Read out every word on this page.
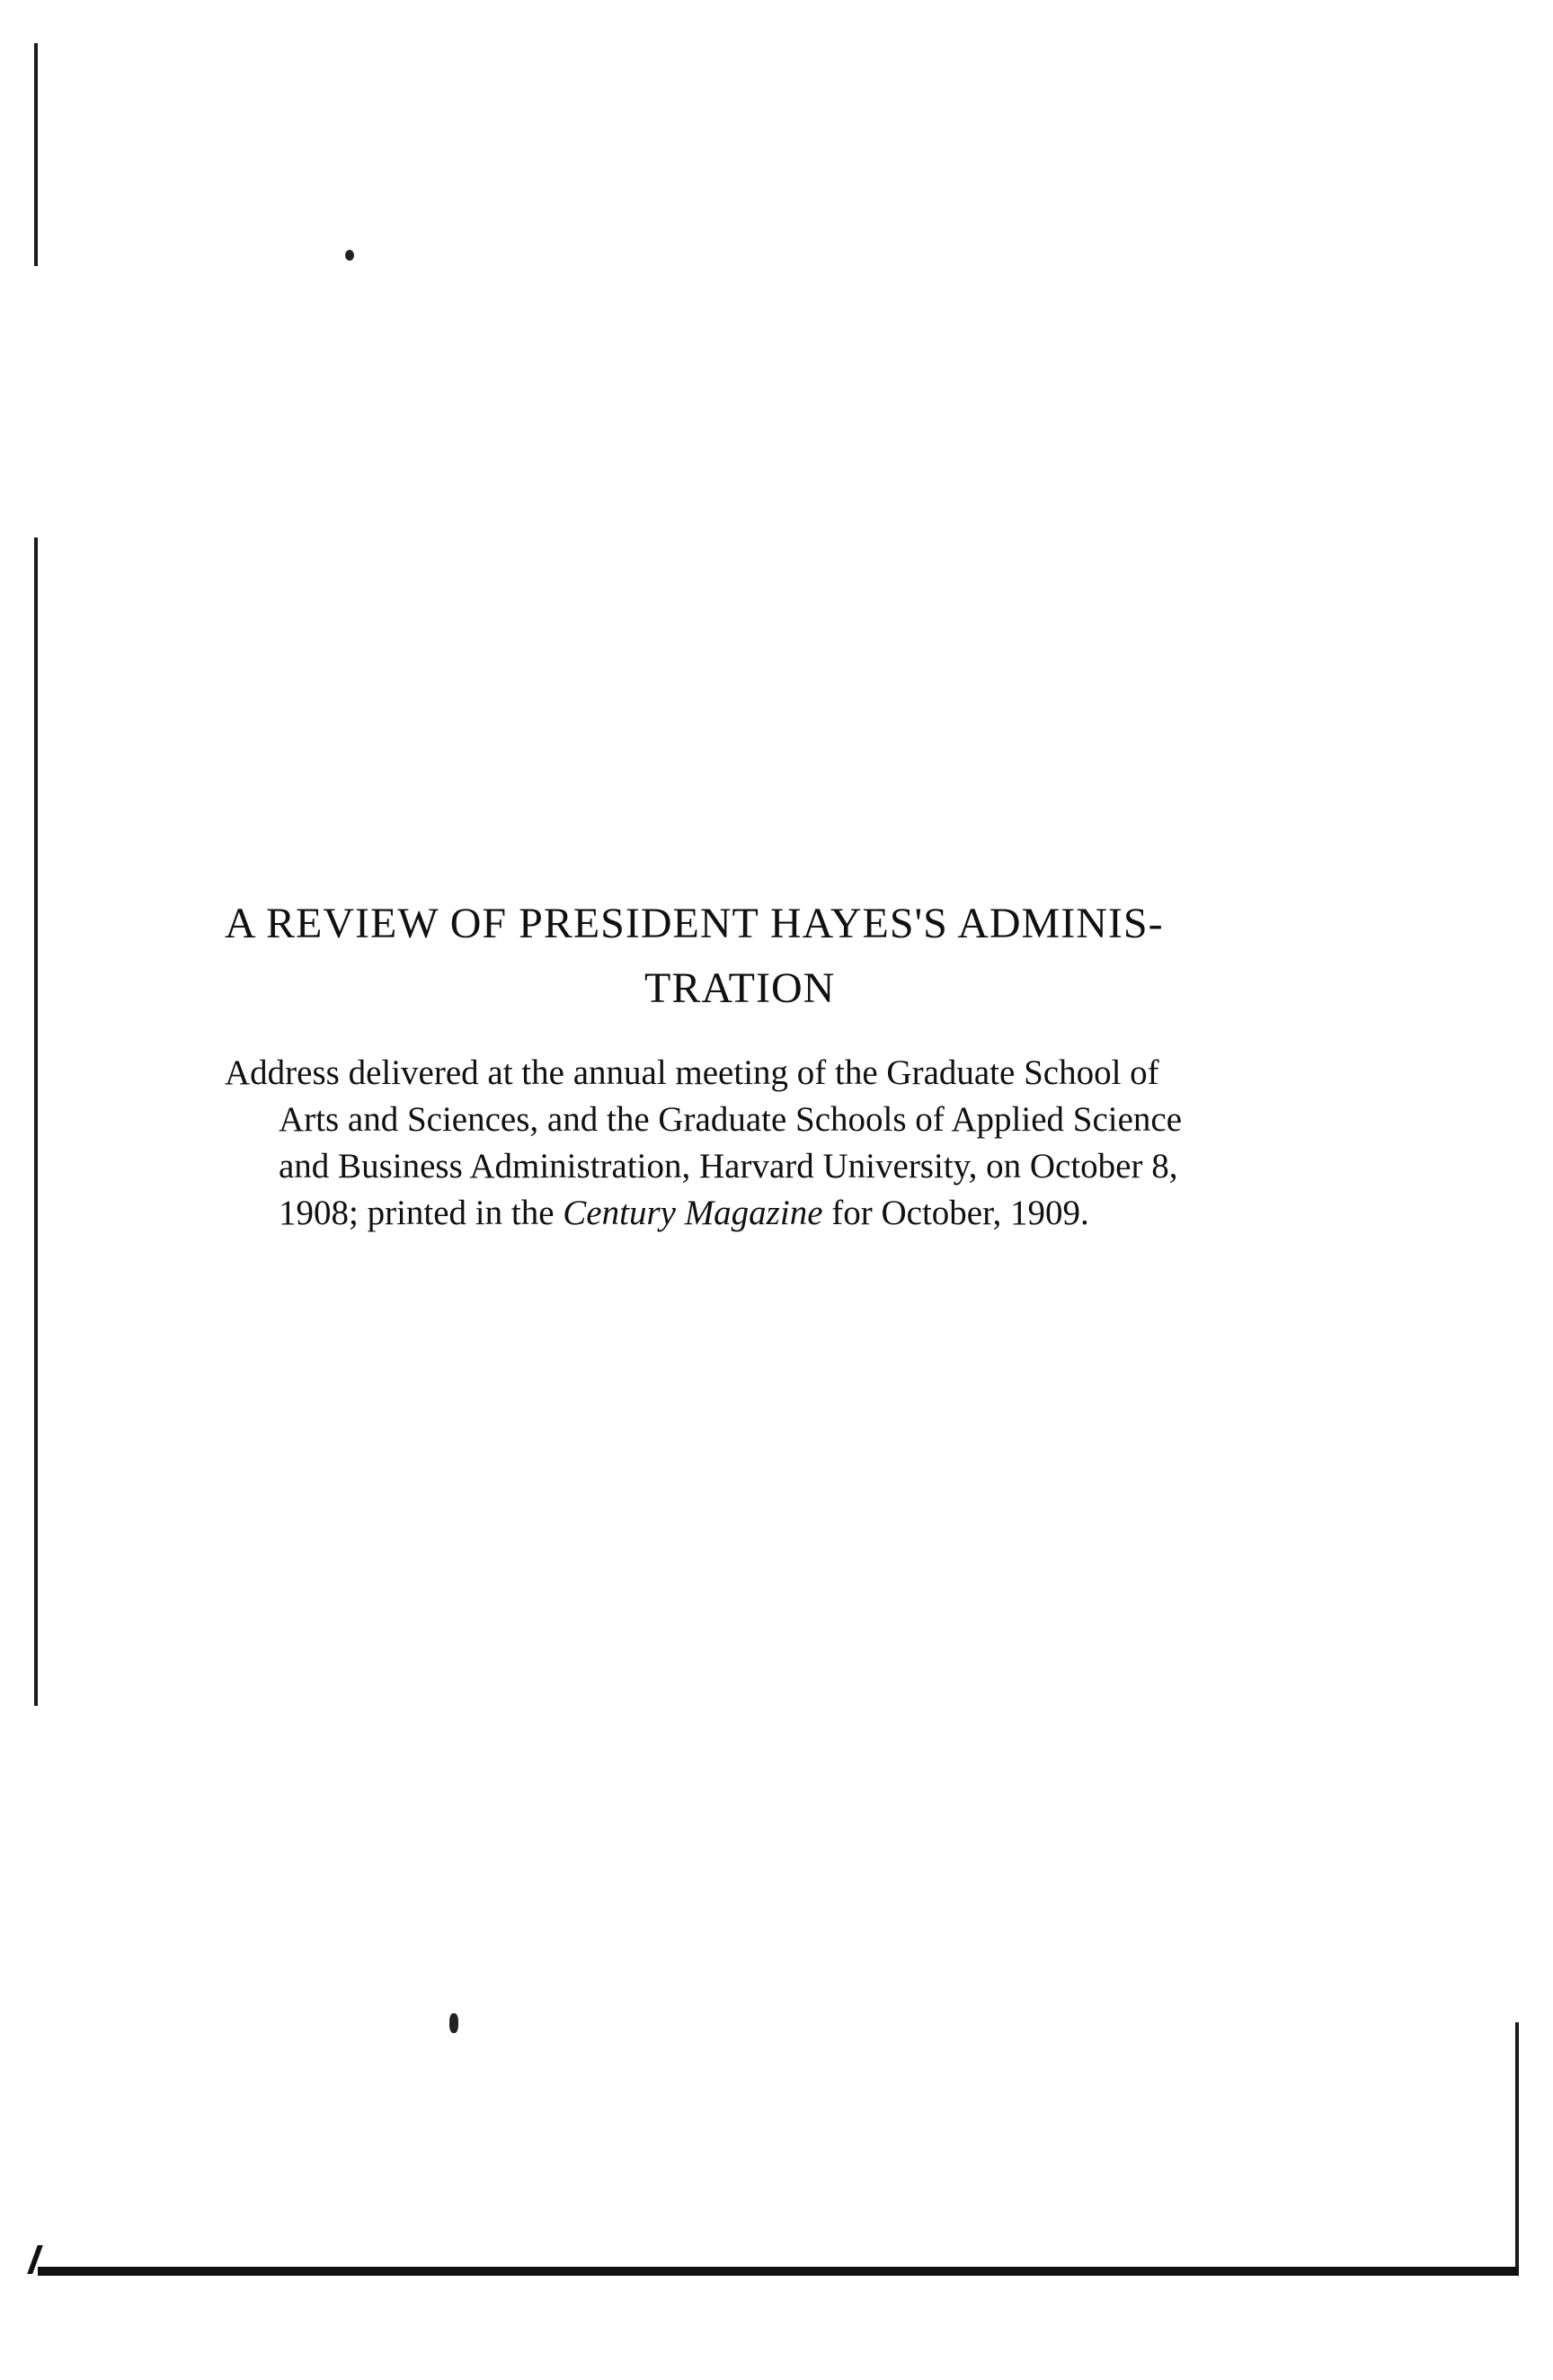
A REVIEW OF PRESIDENT HAYES'S ADMINIS-
TRATION
Address delivered at the annual meeting of the Graduate School of
Arts and Sciences, and the Graduate Schools of Applied Science
and Business Administration, Harvard University, on October 8,
1908; printed in the Century Magazine for October, 1909.
